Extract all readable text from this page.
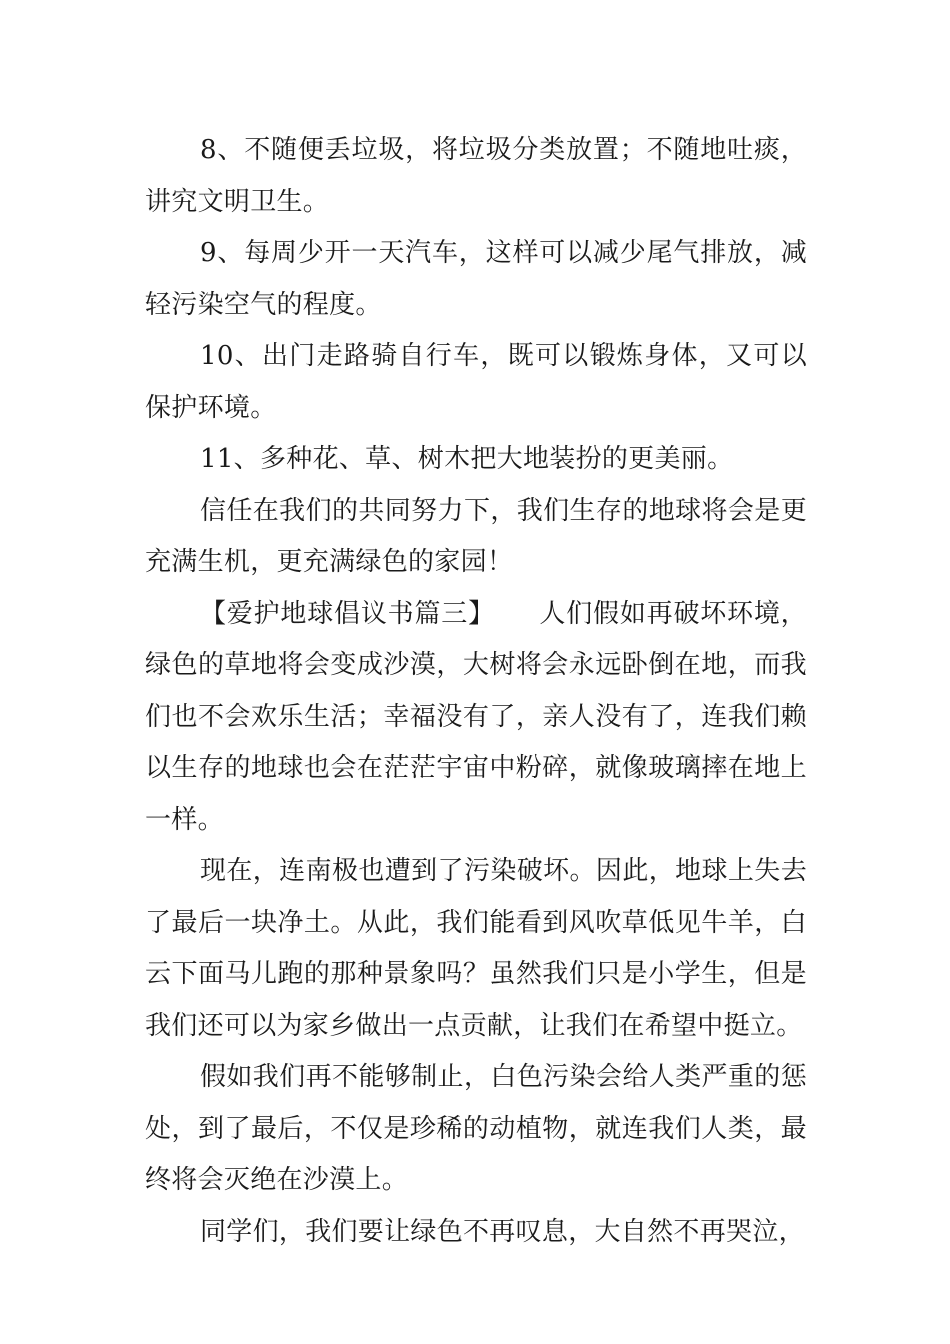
8、不随便丢垃圾，将垃圾分类放置；不随地吐痰，讲究文明卫生。

9、每周少开一天汽车，这样可以减少尾气排放，减轻污染空气的程度。

10、出门走路骑自行车，既可以锻炼身体，又可以保护环境。

11、多种花、草、树木把大地装扮的更美丽。

信任在我们的共同努力下，我们生存的地球将会是更充满生机，更充满绿色的家园！

【爱护地球倡议书篇三】 人们假如再破坏环境，绿色的草地将会变成沙漠，大树将会永远卧倒在地，而我们也不会欢乐生活；幸福没有了，亲人没有了，连我们赖以生存的地球也会在茫茫宇宙中粉碎，就像玻璃摔在地上一样。

现在，连南极也遭到了污染破坏。因此，地球上失去了最后一块净土。从此，我们能看到风吹草低见牛羊，白云下面马儿跑的那种景象吗？虽然我们只是小学生，但是我们还可以为家乡做出一点贡献，让我们在希望中挺立。

假如我们再不能够制止，白色污染会给人类严重的惩处，到了最后，不仅是珍稀的动植物，就连我们人类，最终将会灭绝在沙漠上。

同学们，我们要让绿色不再叹息，大自然不再哭泣，
